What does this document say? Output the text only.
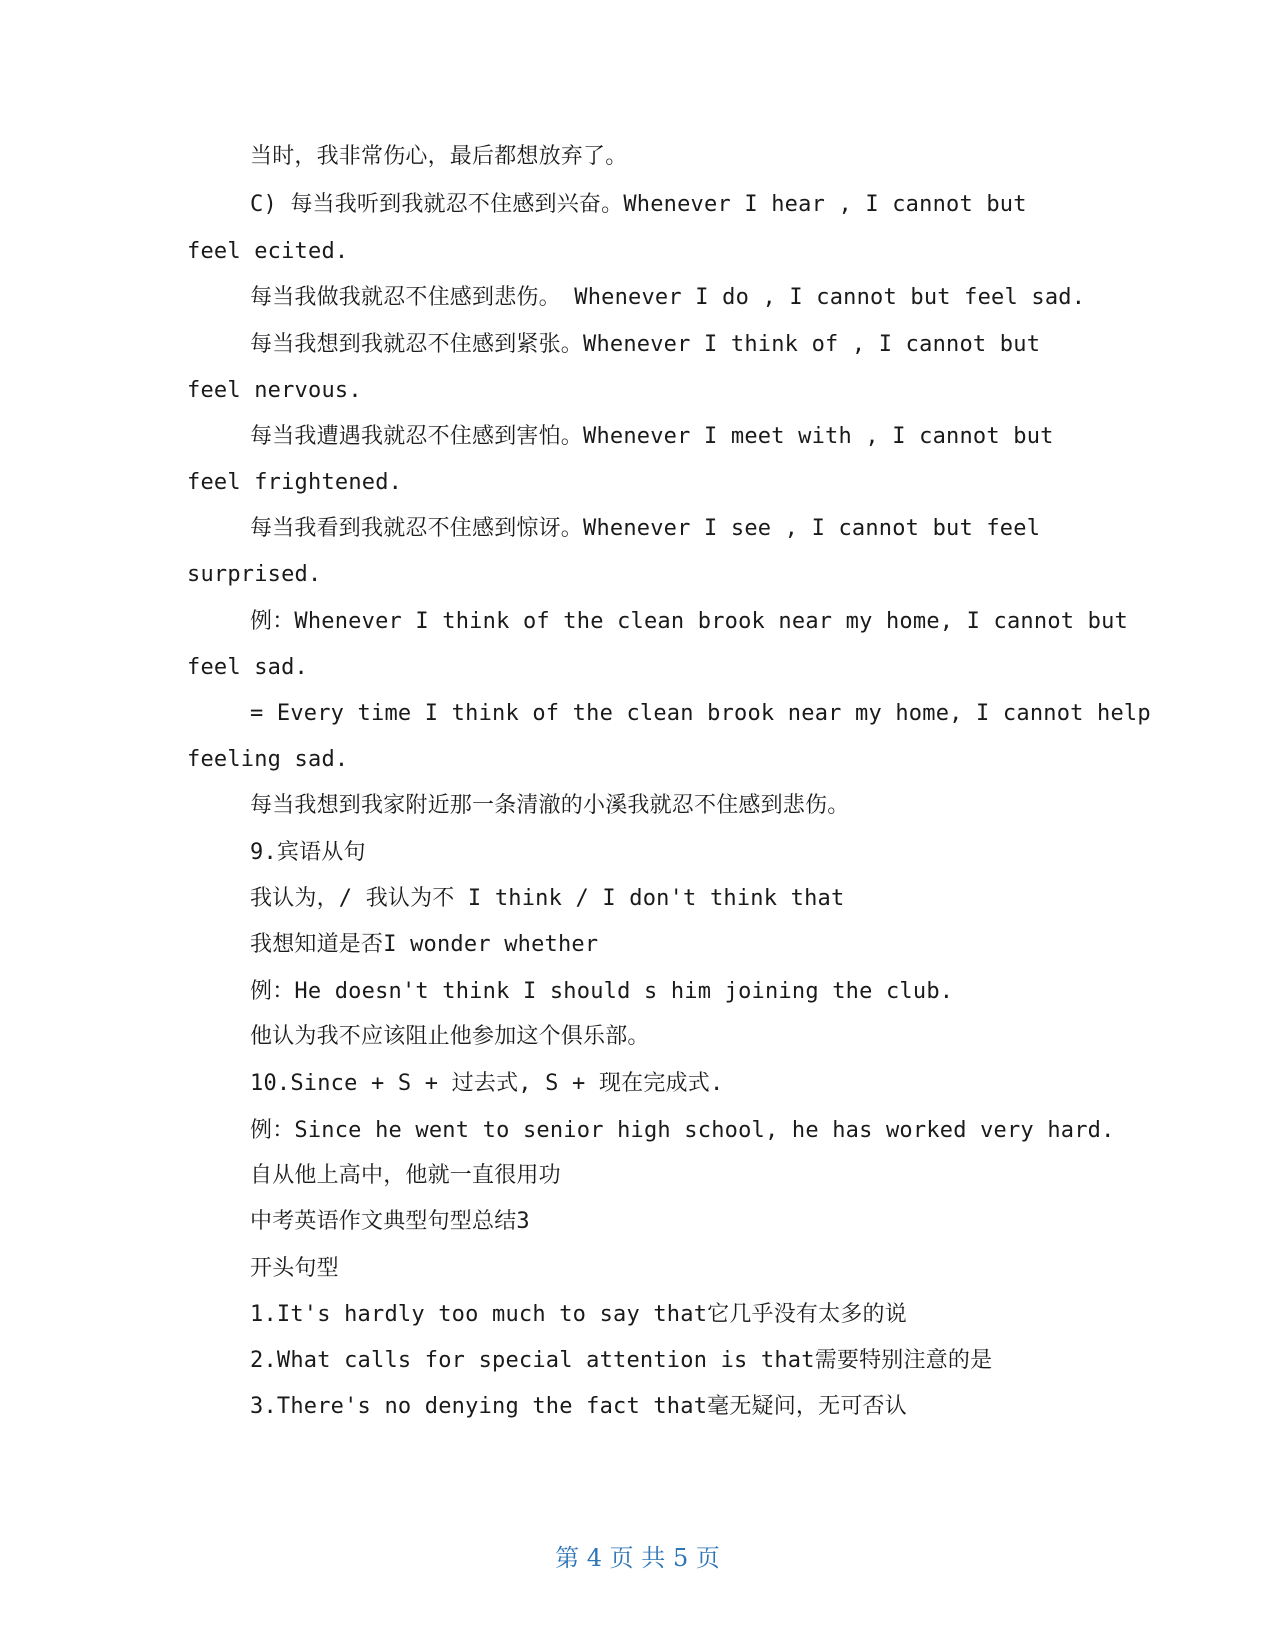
当时，我非常伤心，最后都想放弃了。
C) 每当我听到我就忍不住感到兴奋。Whenever I hear , I cannot but
feel ecited.
每当我做我就忍不住感到悲伤。 Whenever I do , I cannot but feel sad.
每当我想到我就忍不住感到紧张。Whenever I think of , I cannot but
feel nervous.
每当我遭遇我就忍不住感到害怕。Whenever I meet with , I cannot but
feel frightened.
每当我看到我就忍不住感到惊讶。Whenever I see , I cannot but feel
surprised.
例：Whenever I think of the clean brook near my home, I cannot but
feel sad.
= Every time I think of the clean brook near my home, I cannot help
feeling sad.
每当我想到我家附近那一条清澈的小溪我就忍不住感到悲伤。
9.宾语从句
我认为，/ 我认为不 I think / I don't think that
我想知道是否I wonder whether
例：He doesn't think I should s him joining the club.
他认为我不应该阻止他参加这个俱乐部。
10.Since + S + 过去式, S + 现在完成式.
例：Since he went to senior high school, he has worked very hard.
自从他上高中，他就一直很用功
中考英语作文典型句型总结3
开头句型
1.It's hardly too much to say that它几乎没有太多的说
2.What calls for special attention is that需要特别注意的是
3.There's no denying the fact that毫无疑问，无可否认
第 4 页 共 5 页
